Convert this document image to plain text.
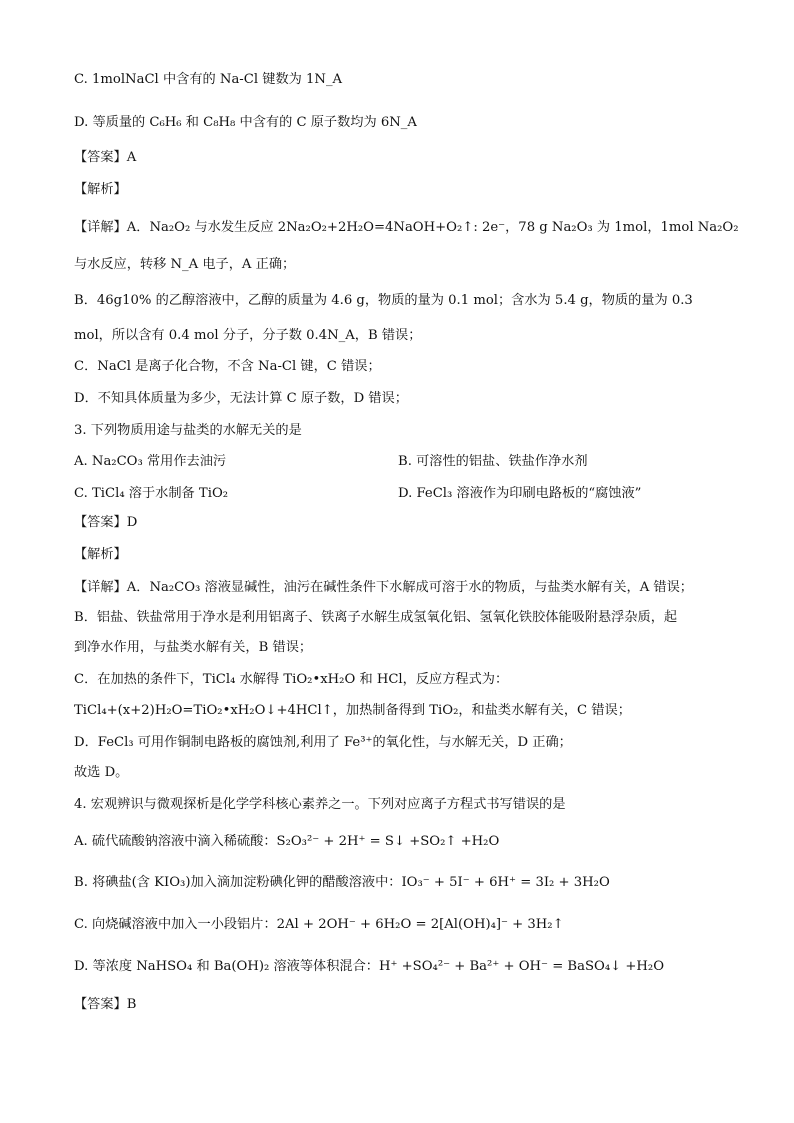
C. 1molNaCl 中含有的 Na-Cl 键数为 1N_A
D. 等质量的 C₆H₆ 和 C₈H₈ 中含有的 C 原子数均为 6N_A
【答案】A
【解析】
【详解】A．Na₂O₂ 与水发生反应 2Na₂O₂+2H₂O=4NaOH+O₂↑: 2e⁻，78 g Na₂O₃ 为 1mol，1mol Na₂O₂
与水反应，转移 N_A 电子，A 正确；
B．46g10% 的乙醇溶液中，乙醇的质量为 4.6 g，物质的量为 0.1 mol；含水为 5.4 g，物质的量为 0.3
mol，所以含有 0.4 mol 分子，分子数 0.4N_A，B 错误；
C．NaCl 是离子化合物，不含 Na-Cl 键，C 错误；
D．不知具体质量为多少，无法计算 C 原子数，D 错误；
3. 下列物质用途与盐类的水解无关的是
A. Na₂CO₃ 常用作去油污	B. 可溶性的铝盐、铁盐作净水剂
C. TiCl₄ 溶于水制备 TiO₂	D. FeCl₃ 溶液作为印刷电路板的“腐蚀液”
【答案】D
【解析】
【详解】A．Na₂CO₃ 溶液显碱性，油污在碱性条件下水解成可溶于水的物质，与盐类水解有关，A 错误；
B．铝盐、铁盐常用于净水是利用铝离子、铁离子水解生成氢氧化铝、氢氧化铁胶体能吸附悬浮杂质，起
到净水作用，与盐类水解有关，B 错误；
C．在加热的条件下，TiCl₄ 水解得 TiO₂•xH₂O 和 HCl，反应方程式为：
TiCl₄+(x+2)H₂O=TiO₂•xH₂O↓+4HCl↑，加热制备得到 TiO₂，和盐类水解有关，C 错误；
D．FeCl₃ 可用作铜制电路板的腐蚀剂,利用了 Fe³⁺的氧化性，与水解无关，D 正确；
故选 D。
4. 宏观辨识与微观探析是化学学科核心素养之一。下列对应离子方程式书写错误的是
A. 硫代硫酸钠溶液中滴入稀硫酸：S₂O₃²⁻ + 2H⁺ = S↓ +SO₂↑ +H₂O
B. 将碘盐(含 KIO₃)加入滴加淀粉碘化钾的醋酸溶液中：IO₃⁻ + 5I⁻ + 6H⁺ = 3I₂ + 3H₂O
C. 向烧碱溶液中加入一小段铝片：2Al + 2OH⁻ + 6H₂O = 2[Al(OH)₄]⁻ + 3H₂↑
D. 等浓度 NaHSO₄ 和 Ba(OH)₂ 溶液等体积混合：H⁺ +SO₄²⁻ + Ba²⁺ + OH⁻ = BaSO₄↓ +H₂O
【答案】B
